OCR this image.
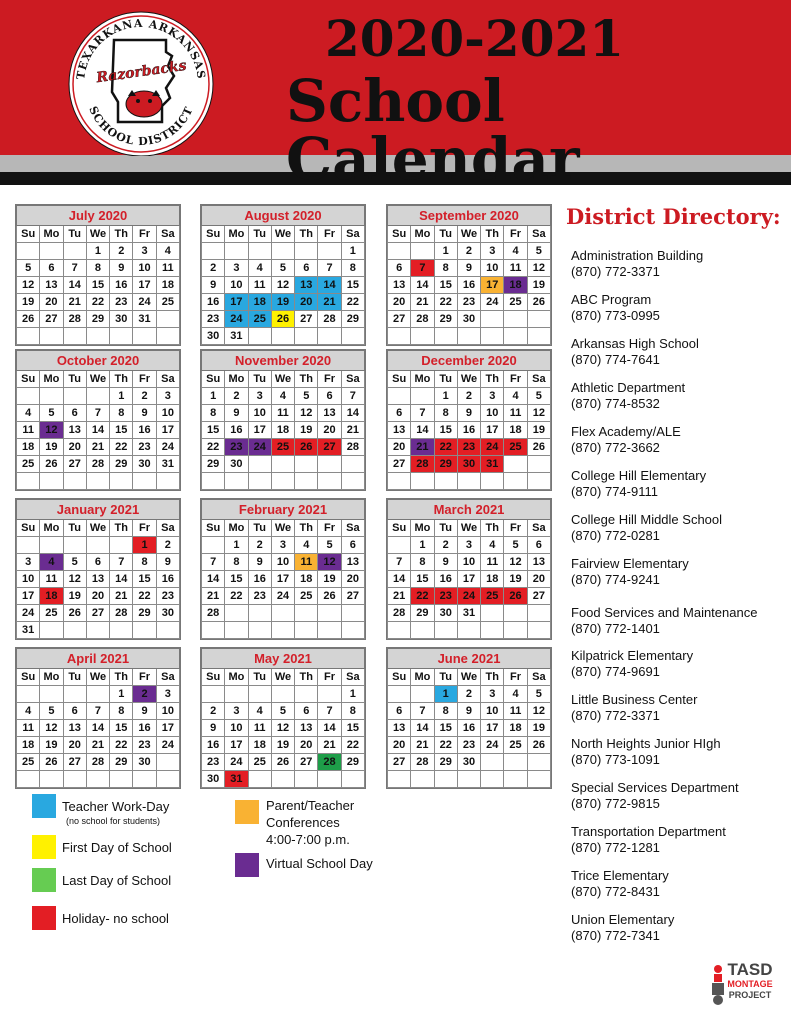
TEXARKANA ARKANSAS
SCHOOL DISTRICT
Razorbacks
2020-2021
School Calendar
July 2020						
Su	Mo	Tu	We	Th	Fr	Sa
			1	2	3	4
5	6	7	8	9	10	11
12	13	14	15	16	17	18
19	20	21	22	23	24	25
26	27	28	29	30	31	

August 2020						
Su	Mo	Tu	We	Th	Fr	Sa
						1
2	3	4	5	6	7	8
9	10	11	12	13	14	15
16	17	18	19	20	21	22
23	24	25	26	27	28	29
30	31					
September 2020						
Su	Mo	Tu	We	Th	Fr	Sa
		1	2	3	4	5
6	7	8	9	10	11	12
13	14	15	16	17	18	19
20	21	22	23	24	25	26
27	28	29	30			

October 2020						
Su	Mo	Tu	We	Th	Fr	Sa
				1	2	3
4	5	6	7	8	9	10
11	12	13	14	15	16	17
18	19	20	21	22	23	24
25	26	27	28	29	30	31

November 2020						
Su	Mo	Tu	We	Th	Fr	Sa
1	2	3	4	5	6	7
8	9	10	11	12	13	14
15	16	17	18	19	20	21
22	23	24	25	26	27	28
29	30					

December 2020						
Su	Mo	Tu	We	Th	Fr	Sa
		1	2	3	4	5
6	7	8	9	10	11	12
13	14	15	16	17	18	19
20	21	22	23	24	25	26
27	28	29	30	31		

January 2021						
Su	Mo	Tu	We	Th	Fr	Sa
					1	2
3	4	5	6	7	8	9
10	11	12	13	14	15	16
17	18	19	20	21	22	23
24	25	26	27	28	29	30
31						
February 2021						
Su	Mo	Tu	We	Th	Fr	Sa
	1	2	3	4	5	6
7	8	9	10	11	12	13
14	15	16	17	18	19	20
21	22	23	24	25	26	27
28						

March 2021						
Su	Mo	Tu	We	Th	Fr	Sa
	1	2	3	4	5	6
7	8	9	10	11	12	13
14	15	16	17	18	19	20
21	22	23	24	25	26	27
28	29	30	31			

April 2021						
Su	Mo	Tu	We	Th	Fr	Sa
				1	2	3
4	5	6	7	8	9	10
11	12	13	14	15	16	17
18	19	20	21	22	23	24
25	26	27	28	29	30	

May 2021						
Su	Mo	Tu	We	Th	Fr	Sa
						1
2	3	4	5	6	7	8
9	10	11	12	13	14	15
16	17	18	19	20	21	22
23	24	25	26	27	28	29
30	31					
June 2021						
Su	Mo	Tu	We	Th	Fr	Sa
		1	2	3	4	5
6	7	8	9	10	11	12
13	14	15	16	17	18	19
20	21	22	23	24	25	26
27	28	29	30			

Teacher Work-Day
(no school for students)
First Day of School
Last Day of School
Holiday- no school
Parent/Teacher
Conferences
4:00-7:00 p.m.
Virtual School Day
District Directory:
Administration Building
(870) 772-3371
ABC Program
(870) 773-0995
Arkansas High School
(870) 774-7641
Athletic Department
(870) 774-8532
Flex Academy/ALE
(870) 772-3662
College Hill Elementary
(870) 774-9111
College Hill Middle School
(870) 772-0281
Fairview Elementary
(870) 774-9241
Food Services and Maintenance
(870) 772-1401
Kilpatrick Elementary
(870) 774-9691
Little Business Center
(870) 772-3371
North Heights Junior HIgh
(870) 773-1091
Special Services Department
(870) 772-9815
Transportation Department
(870) 772-1281
Trice Elementary
(870) 772-8431
Union Elementary
(870) 772-7341
TASD
MONTAGE
PROJECT
